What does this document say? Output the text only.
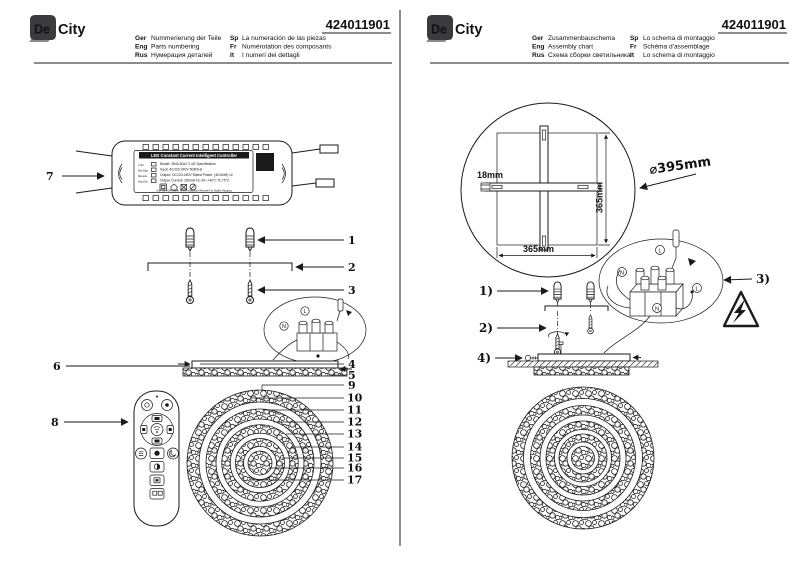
De City	424011901
Ger Nummerierung der Teile
Eng Parts numbering
Rus Нумерация деталей
Sp La numeración de las piezas
Fr Numérotation des composants
It I numeri dei dettagli
De City	424011901
Ger Zusammenbauschema
Eng Assembly chart
Rus Схема сборки светильника
Sp Lo schema di montaggio
Fr Schéma d'assemblage
It Lo schema di montaggio
LED Constant Current Intelligent Controller
Model: 2840-60x2 2.4G Specification
Input: AC220-240V 50/60Hz
Output: DC120-240V Rated Power: (40-60W) x2
Output Current: 280mA Ta:-20~+40°C Tc:75°C
2.4G
Dim App
Remote
Seg Dim
Use Non-Dimmable Units Installation Remark For Stable Hanging
7
1
2
3
L
N
6	4
5
9
8
10
11
12
13
14
15
16
17
18mm
365mm
365mm
⌀395mm
L
N
L
N
3)
1)
2)
4)
